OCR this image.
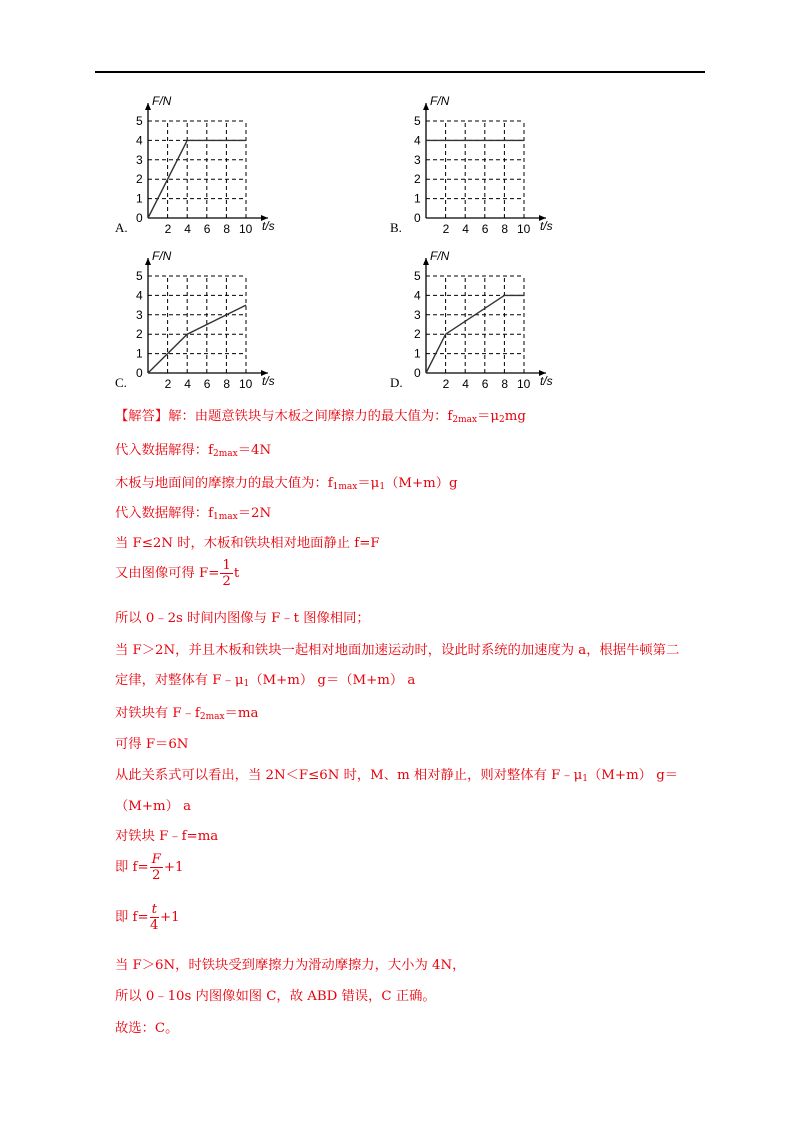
A.
1
2
3
4
5
2 4 6 8 10
0
F/N
t/s	B.
1
2
3
4
5
2 4 6 8 10
0
F/N
t/s
C.
1
2
3
4
5
2 4 6 8 10
0
F/N
t/s	D.
1
2
3
4
5
2 4 6 8 10
0
F/N
t/s
【解答】解：由题意铁块与木板之间摩擦力的最大值为：$f_{2max}=\mu_2mg$
代入数据解得：$f_{2max}=4N$
木板与地面间的摩擦力的最大值为：$f_{1max}=\mu_1(M+m)g$
代入数据解得：$f_{1max}=2N$
当 F≤2N 时，木板和铁块相对地面静止 f=F
又由图像可得 $F= \frac{1}{2}$ t
所以 0﹣2s 时间内图像与 F﹣t 图像相同；
当 F＞2N，并且木板和铁块一起相对地面加速运动时，设此时系统的加速度为 a，根据牛顿第二
定律，对整体有 $F﹣\mu_1(M+m)$ g＝（M+m） a
对铁块有 $F﹣f_{2max}=ma$
可得 F＝6N
从此关系式可以看出，当 2N＜F≤6N 时，M、m 相对静止，则对整体有 $F﹣\mu_1(M+m)$ g＝
（M+m） a
对铁块 F﹣f=ma
即 $f= \frac{F}{2} +1$
即 $f= \frac{t}{4} +1$
当 F＞6N，时铁块受到摩擦力为滑动摩擦力，大小为 4N，
所以 0﹣10s 内图像如图 C，故 ABD 错误，C 正确。
故选：C。
